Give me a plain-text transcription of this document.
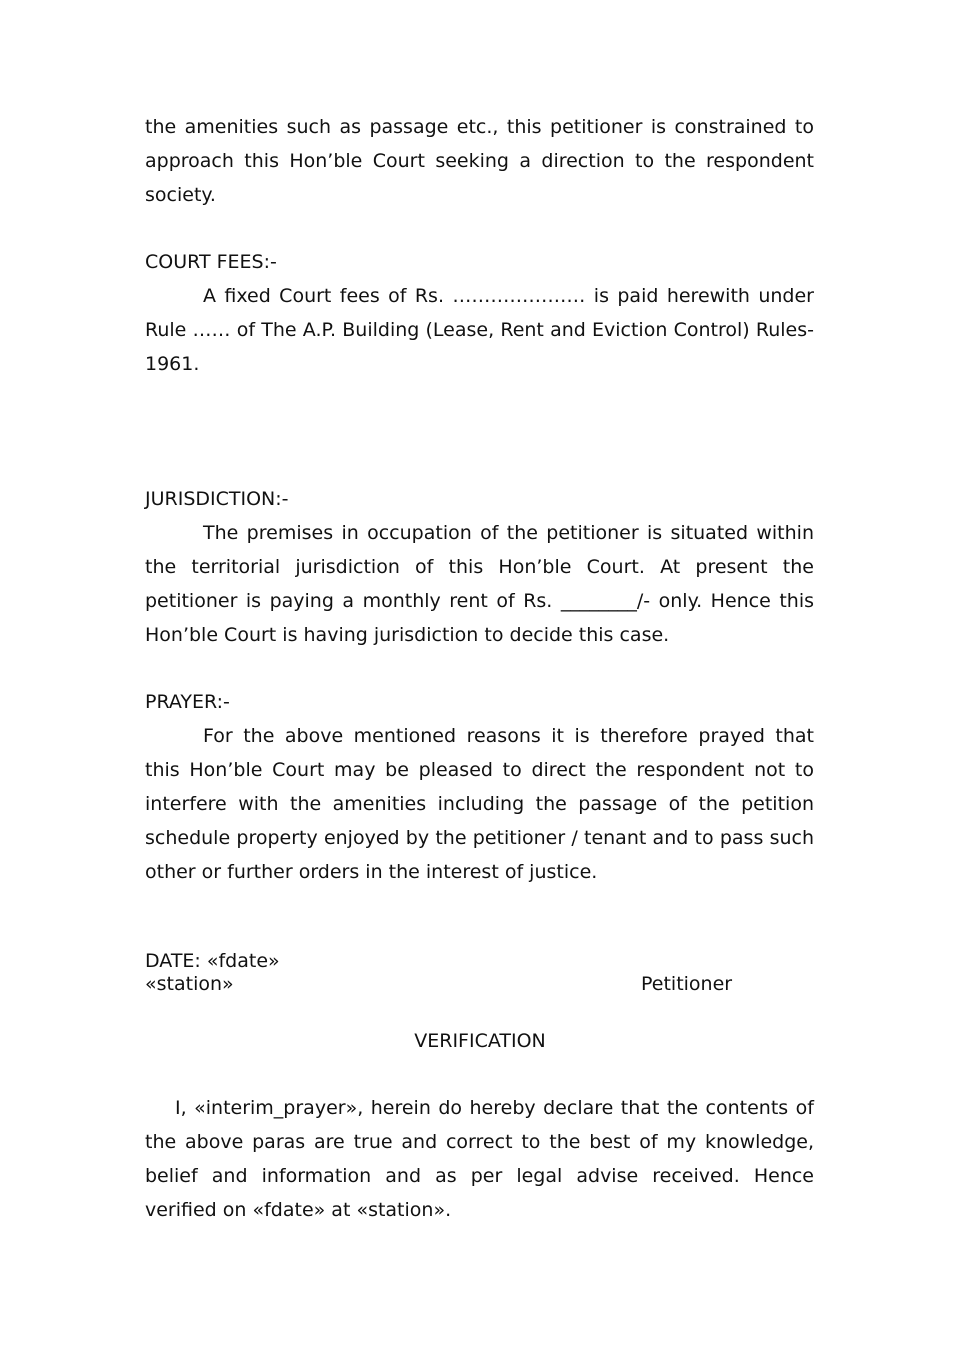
the amenities such as passage etc., this petitioner is constrained to approach this Hon’ble Court seeking a direction to the respondent society.

COURT FEES:-

A fixed Court fees of Rs. ………………… is paid herewith under Rule …… of The A.P. Building (Lease, Rent and Eviction Control) Rules-1961.

JURISDICTION:-

The premises in occupation of the petitioner is situated within the territorial jurisdiction of this Hon’ble Court. At present the petitioner is paying a monthly rent of Rs. ________/- only. Hence this Hon’ble Court is having jurisdiction to decide this case.

PRAYER:-

For the above mentioned reasons it is therefore prayed that this Hon’ble Court may be pleased to direct the respondent not to interfere with the amenities including the passage of the petition schedule property enjoyed by the petitioner / tenant and to pass such other or further orders in the interest of justice.

DATE: «fdate»
«station»	Petitioner
VERIFICATION

I, «interim_prayer», herein do hereby declare that the contents of the above paras are true and correct to the best of my knowledge, belief and information and as per legal advise received. Hence verified on «fdate» at «station».
